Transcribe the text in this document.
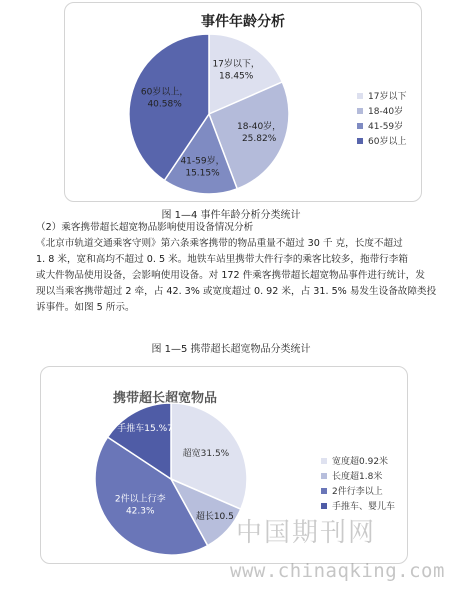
事件年龄分析
17岁以下， 18.45%
18-40岁， 25.82%
41-59岁， 15.15%
60岁以上， 40.58%
17岁以下
18-40岁
41-59岁
60岁以上
图 1—4 事件年龄分析分类统计
（2）乘客携带超长超宽物品影响使用设备情况分析
《北京市轨道交通乘客守则》第六条乘客携带的物品重量不超过 30 千 克，长度不超过
1. 8 米，宽和高均不超过 0. 5 米。地铁车站里携带大件行李的乘客比较多，拖带行李箱
或大件物品使用设备，会影响使用设备。对 172 件乘客携带超长超宽物品事件进行统计，发
现以当乘客携带超过 2 牵，占 42. 3% 或宽度超过 0. 92 米，占 31. 5% 易发生设备故障类投
诉事件。如图 5 所示。
图 1—5 携带超长超宽物品分类统计
携带超长超宽物品
超宽31.5%
超长10.5
2件以上行李 42.3%
手推车15.%7
宽度超0.92米
长度超1.8米
2件行李以上
手推车、婴儿车
中国期刊网
www.chinaqking.com
